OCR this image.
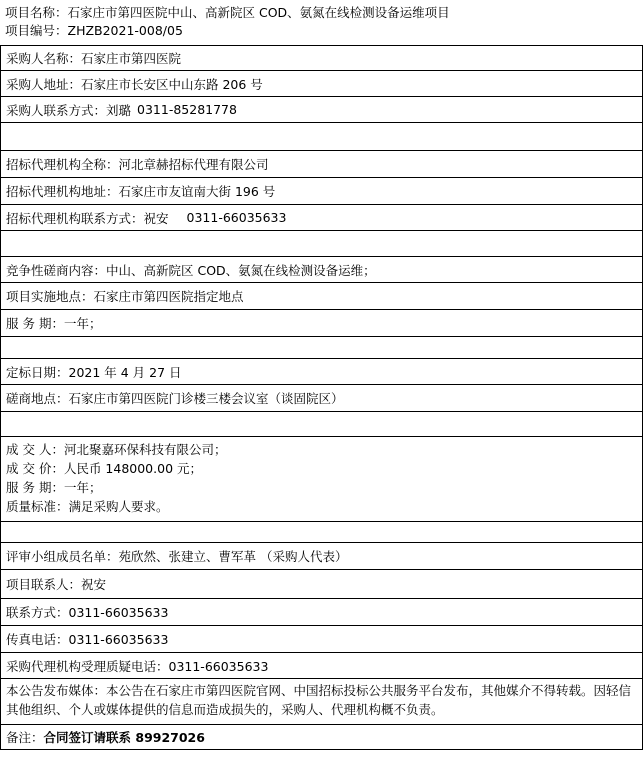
项目名称：石家庄市第四医院中山、高新院区 COD、氨氮在线检测设备运维项目
项目编号：ZHZB2021-008/05
采购人名称：石家庄市第四医院
采购人地址：石家庄市长安区中山东路 206 号
采购人联系方式：刘璐 0311-85281778
招标代理机构全称：河北章赫招标代理有限公司
招标代理机构地址：石家庄市友谊南大街 196 号
招标代理机构联系方式：祝安 0311-66035633
竞争性磋商内容：中山、高新院区 COD、氨氮在线检测设备运维；
项目实施地点：石家庄市第四医院指定地点
服 务 期：一年；
定标日期：2021 年 4 月 27 日
磋商地点：石家庄市第四医院门诊楼三楼会议室（谈固院区）
成 交 人：河北聚嘉环保科技有限公司；
成 交 价：人民币 148000.00 元；
服 务 期：一年；
质量标准：满足采购人要求。
评审小组成员名单：苑欣然、张建立、曹军革 （采购人代表）
项目联系人：祝安
联系方式：0311-66035633
传真电话：0311-66035633
采购代理机构受理质疑电话：0311-66035633
本公告发布媒体：本公告在石家庄市第四医院官网、中国招标投标公共服务平台发布，其他媒介不得转载。因轻信其他组织、个人或媒体提供的信息而造成损失的，采购人、代理机构概不负责。
备注： 合同签订请联系 89927026
